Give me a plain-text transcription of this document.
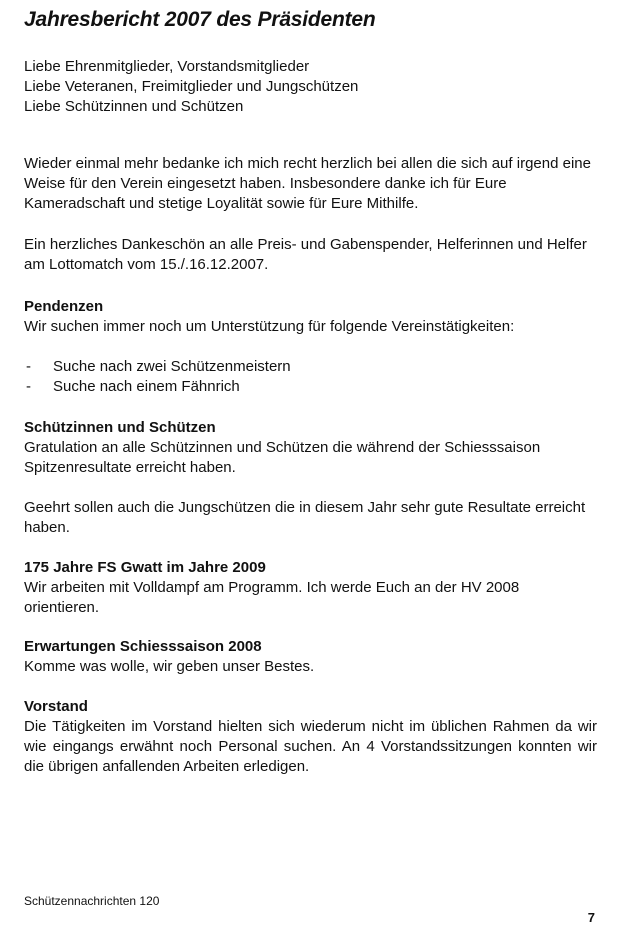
Jahresbericht 2007 des Präsidenten
Liebe Ehrenmitglieder, Vorstandsmitglieder
Liebe Veteranen, Freimitglieder und Jungschützen
Liebe Schützinnen und Schützen

Wieder einmal mehr bedanke ich mich recht herzlich bei allen die sich auf irgend eine Weise für den Verein eingesetzt haben. Insbesondere danke ich für Eure Kameradschaft und stetige Loyalität sowie für Eure Mithilfe.

Ein herzliches Dankeschön an alle Preis- und Gabenspender, Helferinnen und Helfer am Lottomatch vom 15./.16.12.2007.

Pendenzen

Wir suchen immer noch um Unterstützung für folgende Vereinstätigkeiten:

- Suche nach zwei Schützenmeistern
- Suche nach einem Fähnrich

Schützinnen und Schützen

Gratulation an alle Schützinnen und Schützen die während der Schiesssaison Spitzenresultate erreicht haben.

Geehrt sollen auch die Jungschützen die in diesem Jahr sehr gute Resultate erreicht haben.

175 Jahre FS Gwatt im Jahre 2009

Wir arbeiten mit Volldampf am Programm. Ich werde Euch an der HV 2008 orientieren.

Erwartungen Schiesssaison 2008

Komme was wolle, wir geben unser Bestes.

Vorstand

Die Tätigkeiten im Vorstand hielten sich wiederum nicht im üblichen Rahmen da wir wie eingangs erwähnt noch Personal suchen. An 4 Vorstandssitzungen konnten wir die übrigen anfallenden Arbeiten erledigen.

Schützennachrichten 120
7
